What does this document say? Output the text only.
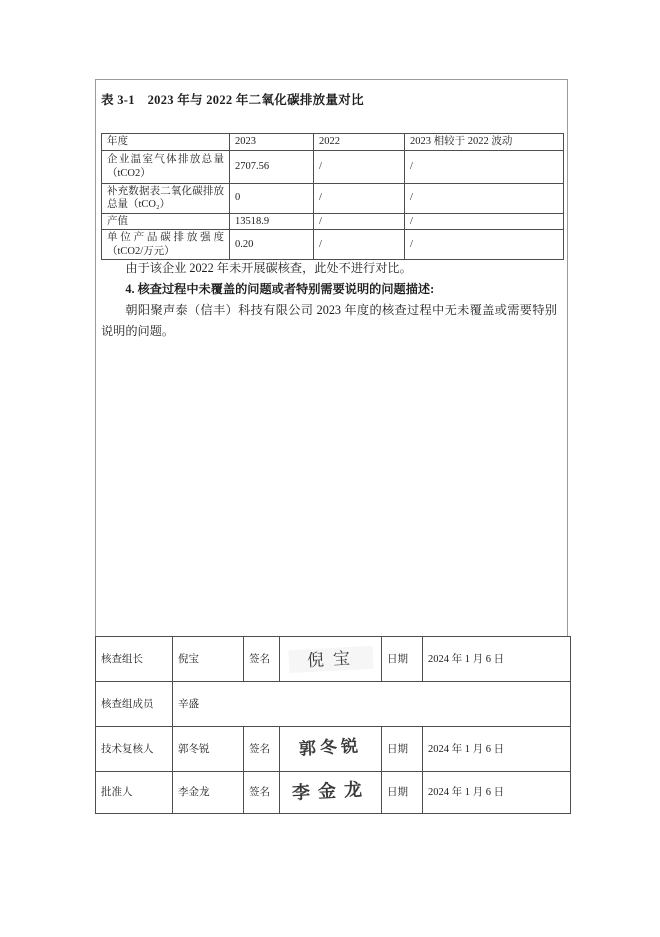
表 3-1　2023 年与 2022 年二氧化碳排放量对比
年度	2023	2022	2023 相较于 2022 波动
企业温室气体排放总量（tCO2）	2707.56	/	/
补充数据表二氧化碳排放总量（tCO₂）	0	/	/
产值	13518.9	/	/
单位产品碳排放强度（tCO2/万元）	0.20	/	/

由于该企业 2022 年未开展碳核查，此处不进行对比。

4. 核查过程中未覆盖的问题或者特别需要说明的问题描述:

朝阳聚声泰（信丰）科技有限公司 2023 年度的核查过程中无未覆盖或需要特别说明的问题。

核查组长	倪宝	签名	倪宝	日期	2024 年 1 月 6 日
核查组成员	辛盛				
技术复核人	郭冬锐	签名	郭冬锐	日期	2024 年 1 月 6 日
批准人	李金龙	签名	李金龙	日期	2024 年 1 月 6 日
